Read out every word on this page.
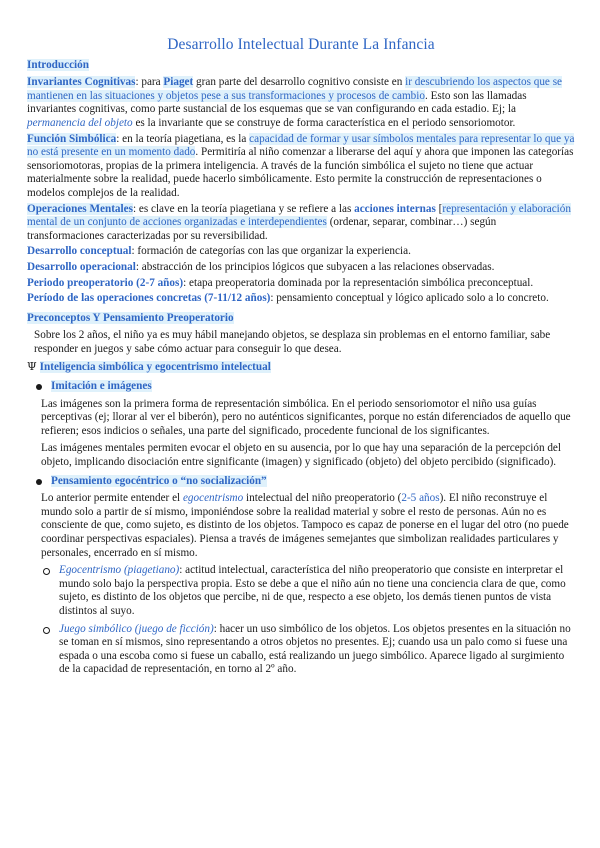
Desarrollo Intelectual Durante La Infancia

Introducción

Invariantes Cognitivas: para Piaget gran parte del desarrollo cognitivo consiste en ir descubriendo los aspectos que se mantienen en las situaciones y objetos pese a sus transformaciones y procesos de cambio. Esto son las llamadas invariantes cognitivas, como parte sustancial de los esquemas que se van configurando en cada estadio. Ej; la permanencia del objeto es la invariante que se construye de forma característica en el periodo sensoriomotor.

Función Simbólica: en la teoría piagetiana, es la capacidad de formar y usar símbolos mentales para representar lo que ya no está presente en un momento dado. Permitiría al niño comenzar a liberarse del aquí y ahora que imponen las categorías sensoriomotoras, propias de la primera inteligencia. A través de la función simbólica el sujeto no tiene que actuar materialmente sobre la realidad, puede hacerlo simbólicamente. Esto permite la construcción de representaciones o modelos complejos de la realidad.

Operaciones Mentales: es clave en la teoría piagetiana y se refiere a las acciones internas [representación y elaboración mental de un conjunto de acciones organizadas e interdependientes (ordenar, separar, combinar…) según transformaciones caracterizadas por su reversibilidad.

Desarrollo conceptual: formación de categorías con las que organizar la experiencia.

Desarrollo operacional: abstracción de los principios lógicos que subyacen a las relaciones observadas.

Periodo preoperatorio (2-7 años): etapa preoperatoria dominada por la representación simbólica preconceptual.

Período de las operaciones concretas (7-11/12 años): pensamiento conceptual y lógico aplicado solo a lo concreto.

Preconceptos Y Pensamiento Preoperatorio

Sobre los 2 años, el niño ya es muy hábil manejando objetos, se desplaza sin problemas en el entorno familiar, sabe responder en juegos y sabe cómo actuar para conseguir lo que desea.

Ψ Inteligencia simbólica y egocentrismo intelectual

Imitación e imágenes

Las imágenes son la primera forma de representación simbólica. En el periodo sensoriomotor el niño usa guías perceptivas (ej; llorar al ver el biberón), pero no auténticos significantes, porque no están diferenciados de aquello que refieren; esos indicios o señales, una parte del significado, procedente funcional de los significantes.

Las imágenes mentales permiten evocar el objeto en su ausencia, por lo que hay una separación de la percepción del objeto, implicando disociación entre significante (imagen) y significado (objeto) del objeto percibido (significado).

Pensamiento egocéntrico o “no socialización”

Lo anterior permite entender el egocentrismo intelectual del niño preoperatorio (2-5 años). El niño reconstruye el mundo solo a partir de sí mismo, imponiéndose sobre la realidad material y sobre el resto de personas. Aún no es consciente de que, como sujeto, es distinto de los objetos. Tampoco es capaz de ponerse en el lugar del otro (no puede coordinar perspectivas espaciales). Piensa a través de imágenes semejantes que simbolizan realidades particulares y personales, encerrado en sí mismo.

Egocentrismo (piagetiano): actitud intelectual, característica del niño preoperatorio que consiste en interpretar el mundo solo bajo la perspectiva propia. Esto se debe a que el niño aún no tiene una conciencia clara de que, como sujeto, es distinto de los objetos que percibe, ni de que, respecto a ese objeto, los demás tienen puntos de vista distintos al suyo.
Juego simbólico (juego de ficción): hacer un uso simbólico de los objetos. Los objetos presentes en la situación no se toman en sí mismos, sino representando a otros objetos no presentes. Ej; cuando usa un palo como si fuese una espada o una escoba como si fuese un caballo, está realizando un juego simbólico. Aparece ligado al surgimiento de la capacidad de representación, en torno al 2º año.
